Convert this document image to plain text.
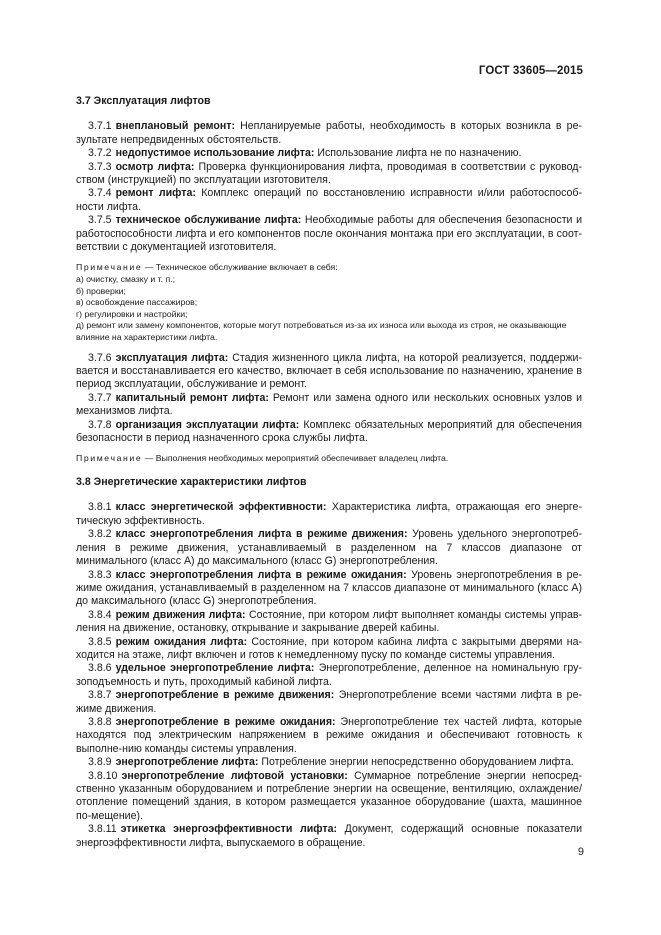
ГОСТ 33605—2015

3.7 Эксплуатация лифтов

3.7.1 внеплановый ремонт: Непланируемые работы, необходимость в которых возникла в ре-зультате непредвиденных обстоятельств.

3.7.2 недопустимое использование лифта: Использование лифта не по назначению.

3.7.3 осмотр лифта: Проверка функционирования лифта, проводимая в соответствии с руковод-ством (инструкцией) по эксплуатации изготовителя.

3.7.4 ремонт лифта: Комплекс операций по восстановлению исправности и/или работоспособ-ности лифта.

3.7.5 техническое обслуживание лифта: Необходимые работы для обеспечения безопасности и работоспособности лифта и его компонентов после окончания монтажа при его эксплуатации, в соот-ветствии с документацией изготовителя.

Примечание — Техническое обслуживание включает в себя:
а) очистку, смазку и т. п.;
б) проверки;
в) освобождение пассажиров;
г) регулировки и настройки;
д) ремонт или замену компонентов, которые могут потребоваться из-за их износа или выхода из строя, не оказывающие влияние на характеристики лифта.

3.7.6 эксплуатация лифта: Стадия жизненного цикла лифта, на которой реализуется, поддержи-вается и восстанавливается его качество, включает в себя использование по назначению, хранение в период эксплуатации, обслуживание и ремонт.

3.7.7 капитальный ремонт лифта: Ремонт или замена одного или нескольких основных узлов и механизмов лифта.

3.7.8 организация эксплуатации лифта: Комплекс обязательных мероприятий для обеспечения безопасности в период назначенного срока службы лифта.

Примечание — Выполнения необходимых мероприятий обеспечивает владелец лифта.

3.8 Энергетические характеристики лифтов

3.8.1 класс энергетической эффективности: Характеристика лифта, отражающая его энерге-тическую эффективность.

3.8.2 класс энергопотребления лифта в режиме движения: Уровень удельного энергопотреб-ления в режиме движения, устанавливаемый в разделенном на 7 классов диапазоне от минимального (класс А) до максимального (класс G) энергопотребления.

3.8.3 класс энергопотребления лифта в режиме ожидания: Уровень энергопотребления в ре-жиме ожидания, устанавливаемый в разделенном на 7 классов диапазоне от минимального (класс А) до максимального (класс G) энергопотребления.

3.8.4 режим движения лифта: Состояние, при котором лифт выполняет команды системы управ-ления на движение, остановку, открывание и закрывание дверей кабины.

3.8.5 режим ожидания лифта: Состояние, при котором кабина лифта с закрытыми дверями на-ходится на этаже, лифт включен и готов к немедленному пуску по команде системы управления.

3.8.6 удельное энергопотребление лифта: Энергопотребление, деленное на номинальную гру-зоподъемность и путь, проходимый кабиной лифта.

3.8.7 энергопотребление в режиме движения: Энергопотребление всеми частями лифта в ре-жиме движения.

3.8.8 энергопотребление в режиме ожидания: Энергопотребление тех частей лифта, которые находятся под электрическим напряжением в режиме ожидания и обеспечивают готовность к выполне-нию команды системы управления.

3.8.9 энергопотребление лифта: Потребление энергии непосредственно оборудованием лифта.

3.8.10 энергопотребление лифтовой установки: Суммарное потребление энергии непосред-ственно указанным оборудованием и потребление энергии на освещение, вентиляцию, охлаждение/отопление помещений здания, в котором размещается указанное оборудование (шахта, машинное по-мещение).

3.8.11 этикетка энергоэффективности лифта: Документ, содержащий основные показатели энергоэффективности лифта, выпускаемого в обращение.

9
